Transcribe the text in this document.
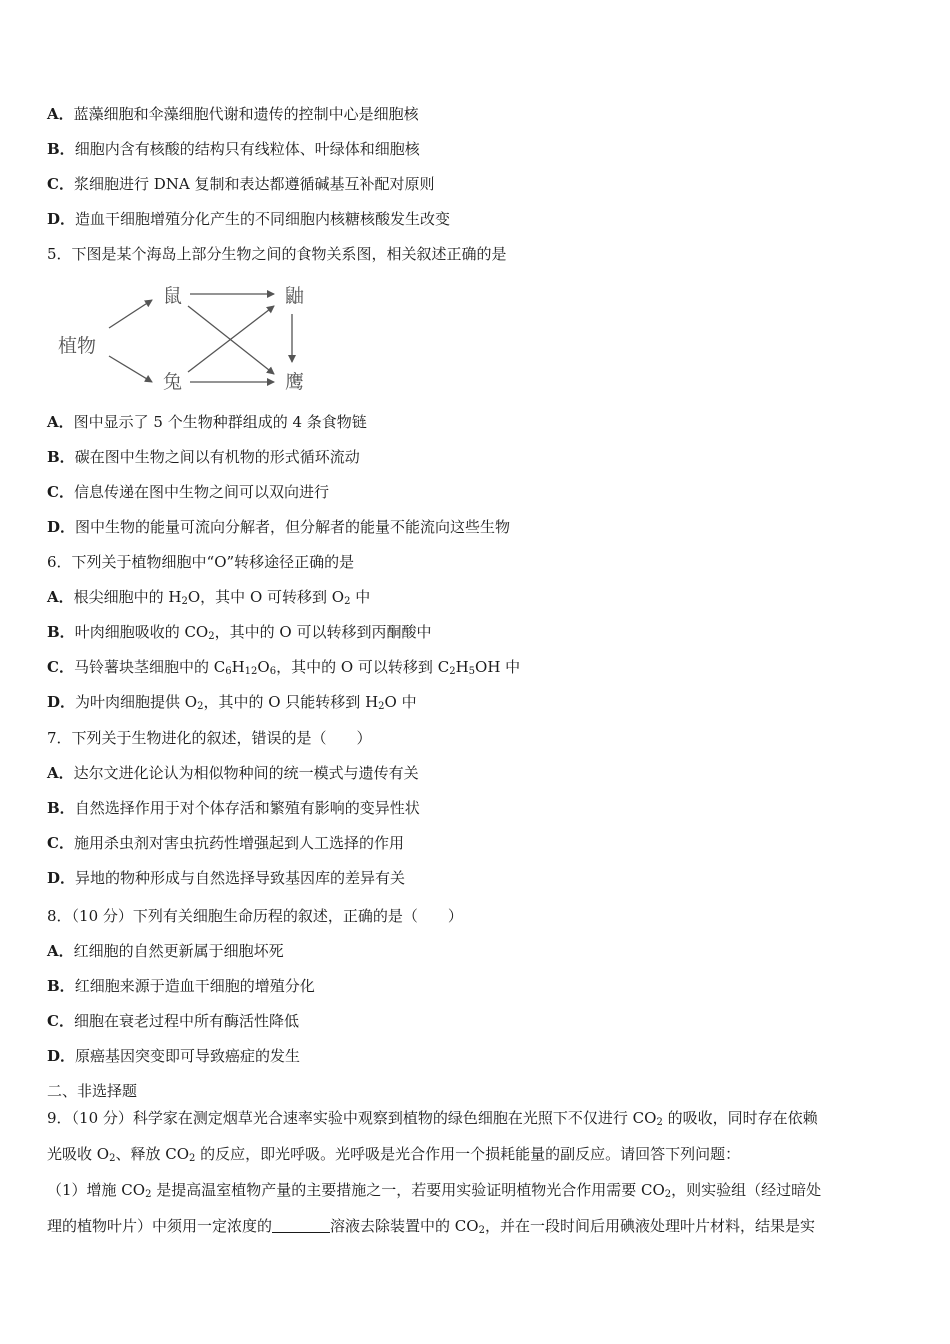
A．蓝藻细胞和伞藻细胞代谢和遗传的控制中心是细胞核
B．细胞内含有核酸的结构只有线粒体、叶绿体和细胞核
C．浆细胞进行 DNA 复制和表达都遵循碱基互补配对原则
D．造血干细胞增殖分化产生的不同细胞内核糖核酸发生改变
5．下图是某个海岛上部分生物之间的食物关系图，相关叙述正确的是
植物
鼠
兔
鼬
鹰
A．图中显示了 5 个生物种群组成的 4 条食物链
B．碳在图中生物之间以有机物的形式循环流动
C．信息传递在图中生物之间可以双向进行
D．图中生物的能量可流向分解者，但分解者的能量不能流向这些生物
6．下列关于植物细胞中“O”转移途径正确的是
A．根尖细胞中的 $H_2O$，其中 O 可转移到 $O_2$ 中
B．叶肉细胞吸收的 $CO_2$，其中的 O 可以转移到丙酮酸中
C．马铃薯块茎细胞中的 $C_6H_{12}O_6$，其中的 O 可以转移到 $C_2H_5OH$ 中
D．为叶肉细胞提供 $O_2$，其中的 O 只能转移到 $H_2O$ 中
7．下列关于生物进化的叙述，错误的是（　　）
A．达尔文进化论认为相似物种间的统一模式与遗传有关
B．自然选择作用于对个体存活和繁殖有影响的变异性状
C．施用杀虫剂对害虫抗药性增强起到人工选择的作用
D．异地的物种形成与自然选择导致基因库的差异有关
8．（10 分）下列有关细胞生命历程的叙述，正确的是（　　）
A．红细胞的自然更新属于细胞坏死
B．红细胞来源于造血干细胞的增殖分化
C．细胞在衰老过程中所有酶活性降低
D．原癌基因突变即可导致癌症的发生
二、非选择题
9．（10 分）科学家在测定烟草光合速率实验中观察到植物的绿色细胞在光照下不仅进行 $CO_2$ 的吸收，同时存在依赖
光吸收 $O_2$、释放 $CO_2$ 的反应，即光呼吸。光呼吸是光合作用一个损耗能量的副反应。请回答下列问题：
（1）增施 $CO_2$ 是提高温室植物产量的主要措施之一，若要用实验证明植物光合作用需要 $CO_2$，则实验组（经过暗处
理的植物叶片）中须用一定浓度的	溶液去除装置中的 $CO_2$，并在一段时间后用碘液处理叶片材料，结果是实
